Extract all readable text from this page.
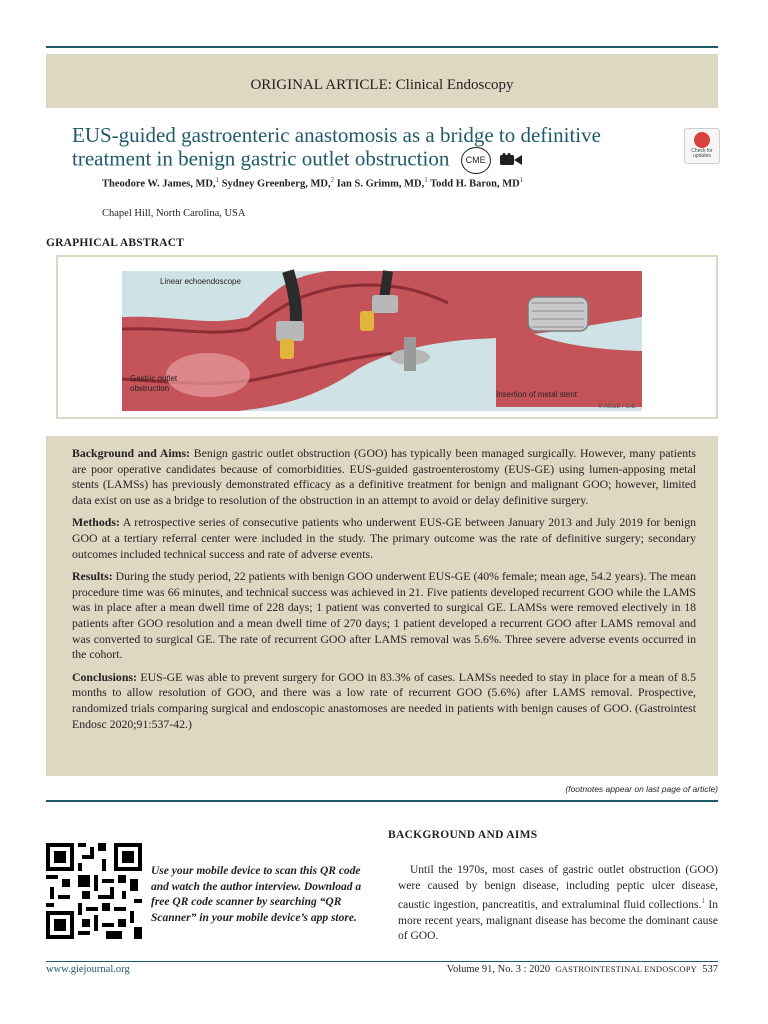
ORIGINAL ARTICLE: Clinical Endoscopy
EUS-guided gastroenteric anastomosis as a bridge to definitive treatment in benign gastric outlet obstruction CME
Check for
updates
Theodore W. James, MD,$^1$ Sydney Greenberg, MD,$^2$ Ian S. Grimm, MD,$^1$ Todd H. Baron, $MD^1$
Chapel Hill, North Carolina, USA
GRAPHICAL ABSTRACT
Linear echoendoscope
Gastric outlet
obstruction
Insertion of metal stent
© ASGE / GIE

Background and Aims: Benign gastric outlet obstruction (GOO) has typically been managed surgically. However, many patients are poor operative candidates because of comorbidities. EUS-guided gastroenterostomy (EUS-GE) using lumen-apposing metal stents (LAMSs) has previously demonstrated efficacy as a definitive treatment for benign and malignant GOO; however, limited data exist on use as a bridge to resolution of the obstruction in an attempt to avoid or delay definitive surgery.

Methods: A retrospective series of consecutive patients who underwent EUS-GE between January 2013 and July 2019 for benign GOO at a tertiary referral center were included in the study. The primary outcome was the rate of definitive surgery; secondary outcomes included technical success and rate of adverse events.

Results: During the study period, 22 patients with benign GOO underwent EUS-GE (40% female; mean age, 54.2 years). The mean procedure time was 66 minutes, and technical success was achieved in 21. Five patients developed recurrent GOO while the LAMS was in place after a mean dwell time of 228 days; 1 patient was converted to surgical GE. LAMSs were removed electively in 18 patients after GOO resolution and a mean dwell time of 270 days; 1 patient developed a recurrent GOO after LAMS removal and was converted to surgical GE. The rate of recurrent GOO after LAMS removal was 5.6%. Three severe adverse events occurred in the cohort.

Conclusions: EUS-GE was able to prevent surgery for GOO in 83.3% of cases. LAMSs needed to stay in place for a mean of 8.5 months to allow resolution of GOO, and there was a low rate of recurrent GOO (5.6%) after LAMS removal. Prospective, randomized trials comparing surgical and endoscopic anastomoses are needed in patients with benign causes of GOO. (Gastrointest Endosc 2020;91:537-42.)

(footnotes appear on last page of article)
Use your mobile device to scan this QR code and watch the author interview. Download a free QR code scanner by searching “QR Scanner” in your mobile device’s app store.
BACKGROUND AND AIMS
Until the 1970s, most cases of gastric outlet obstruction (GOO) were caused by benign disease, including peptic ulcer disease, caustic ingestion, pancreatitis, and extraluminal fluid collections.$^1$ In more recent years, malignant disease has become the dominant cause of GOO.
www.giejournal.org	Volume 91, No. 3 : 2020 GASTROINTESTINAL ENDOSCOPY 537
